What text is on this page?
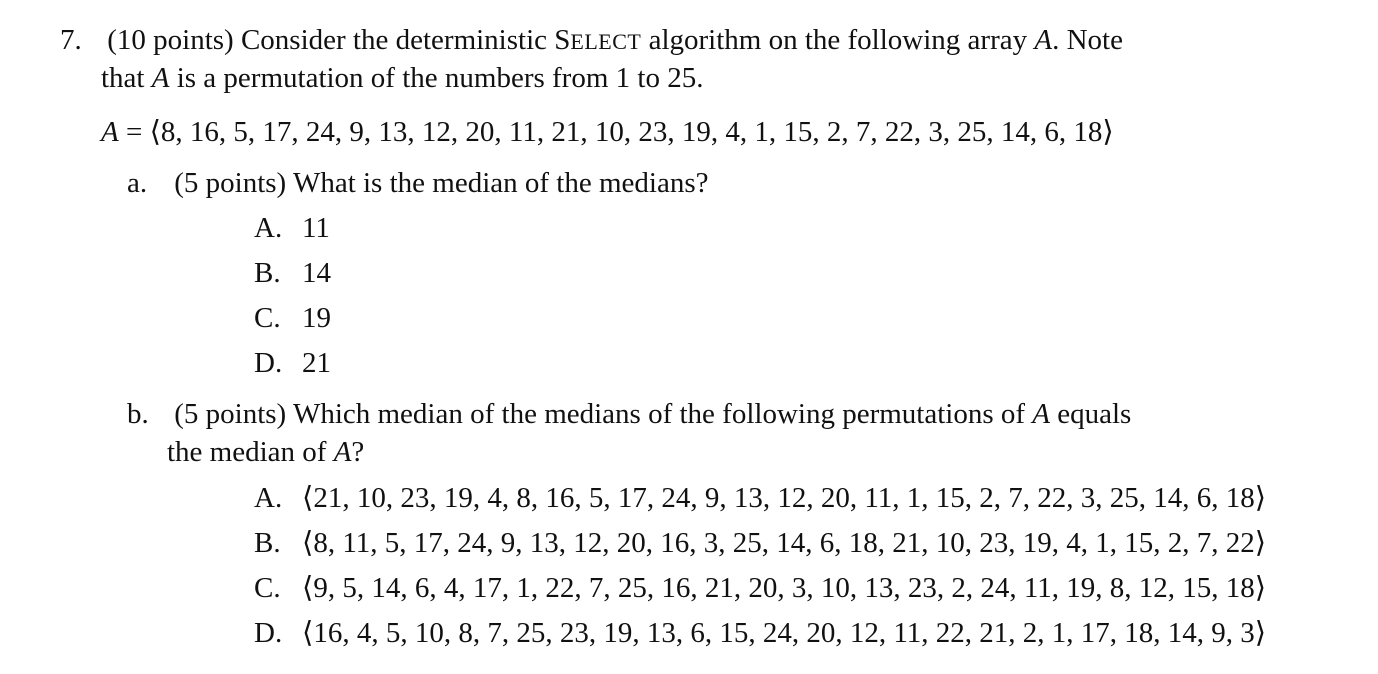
7. (10 points) Consider the deterministic SELECT algorithm on the following array A. Note
that A is a permutation of the numbers from 1 to 25.
A = ⟨8, 16, 5, 17, 24, 9, 13, 12, 20, 11, 21, 10, 23, 19, 4, 1, 15, 2, 7, 22, 3, 25, 14, 6, 18⟩
a. (5 points) What is the median of the medians?
A. 11
B. 14
C. 19
D. 21
b. (5 points) Which median of the medians of the following permutations of A equals
the median of A?
A. ⟨21, 10, 23, 19, 4, 8, 16, 5, 17, 24, 9, 13, 12, 20, 11, 1, 15, 2, 7, 22, 3, 25, 14, 6, 18⟩
B. ⟨8, 11, 5, 17, 24, 9, 13, 12, 20, 16, 3, 25, 14, 6, 18, 21, 10, 23, 19, 4, 1, 15, 2, 7, 22⟩
C. ⟨9, 5, 14, 6, 4, 17, 1, 22, 7, 25, 16, 21, 20, 3, 10, 13, 23, 2, 24, 11, 19, 8, 12, 15, 18⟩
D. ⟨16, 4, 5, 10, 8, 7, 25, 23, 19, 13, 6, 15, 24, 20, 12, 11, 22, 21, 2, 1, 17, 18, 14, 9, 3⟩
